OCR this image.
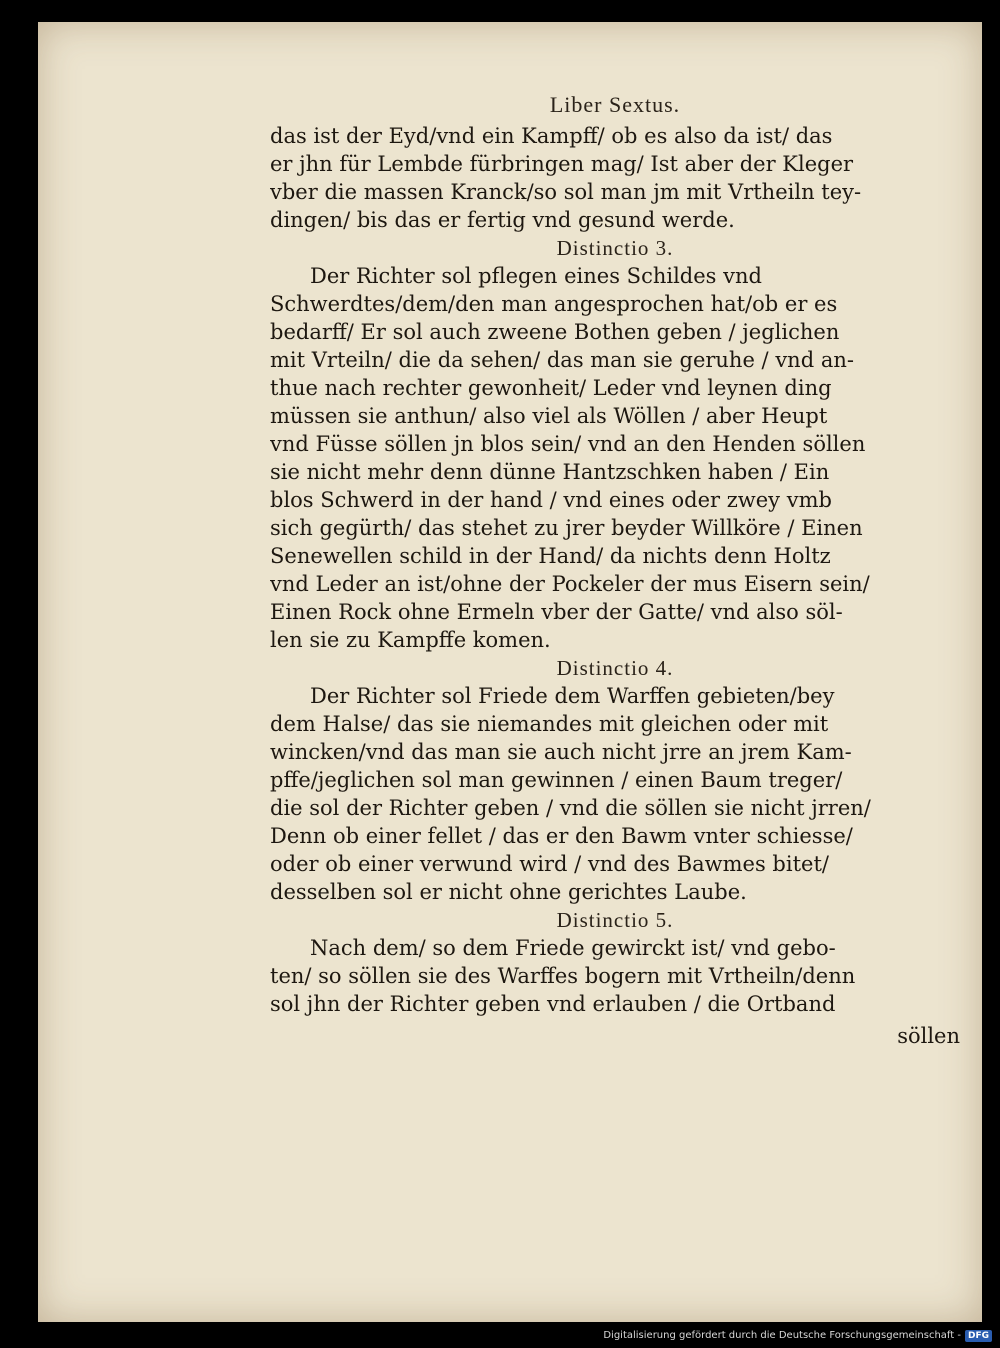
Liber Sextus.
das ist der Eyd/vnd ein Kampff/ ob es also da ist/ das
er jhn für Lembde fürbringen mag/ Ist aber der Kleger
vber die massen Kranck/so sol man jm mit Vrtheiln tey-
dingen/ bis das er fertig vnd gesund werde.
Distinctio 3.
Der Richter sol pflegen eines Schildes vnd
Schwerdtes/dem/den man angesprochen hat/ob er es
bedarff/ Er sol auch zweene Bothen geben / jeglichen
mit Vrteiln/ die da sehen/ das man sie geruhe / vnd an-
thue nach rechter gewonheit/ Leder vnd leynen ding
müssen sie anthun/ also viel als Wöllen / aber Heupt
vnd Füsse söllen jn blos sein/ vnd an den Henden söllen
sie nicht mehr denn dünne Hantzschken haben / Ein
blos Schwerd in der hand / vnd eines oder zwey vmb
sich gegürth/ das stehet zu jrer beyder Willköre / Einen
Senewellen schild in der Hand/ da nichts denn Holtz
vnd Leder an ist/ohne der Pockeler der mus Eisern sein/
Einen Rock ohne Ermeln vber der Gatte/ vnd also söl-
len sie zu Kampffe komen.
Distinctio 4.
Der Richter sol Friede dem Warffen gebieten/bey
dem Halse/ das sie niemandes mit gleichen oder mit
wincken/vnd das man sie auch nicht jrre an jrem Kam-
pffe/jeglichen sol man gewinnen / einen Baum treger/
die sol der Richter geben / vnd die söllen sie nicht jrren/
Denn ob einer fellet / das er den Bawm vnter schiesse/
oder ob einer verwund wird / vnd des Bawmes bitet/
desselben sol er nicht ohne gerichtes Laube.
Distinctio 5.
Nach dem/ so dem Friede gewirckt ist/ vnd gebo-
ten/ so söllen sie des Warffes bogern mit Vrtheiln/denn
sol jhn der Richter geben vnd erlauben / die Ortband
söllen
Digitalisierung gefördert durch die Deutsche Forschungsgemeinschaft - DFG
